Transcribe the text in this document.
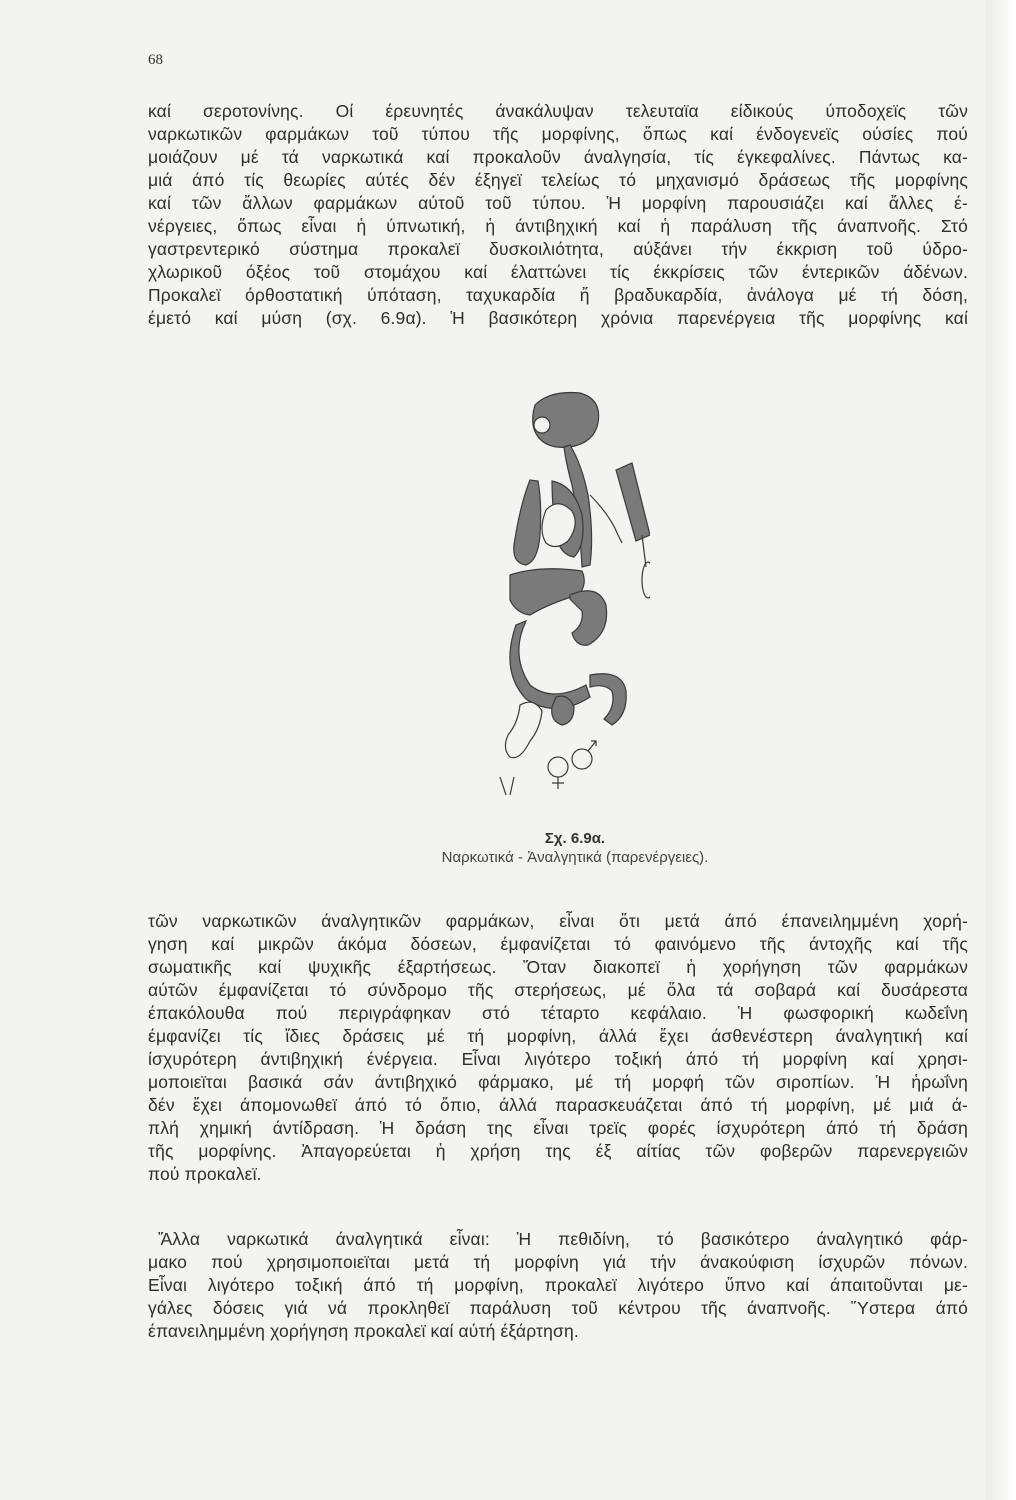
68
καί σεροτονίνης. Οί έρευνητές άνακάλυψαν τελευταϊα είδικούς ύποδοχεϊς τῶν
ναρκωτικῶν φαρμάκων τοῦ τύπου τῆς μορφίνης, ὅπως καί ένδογενεϊς ούσίες πού
μοιάζουν μέ τά ναρκωτικά καί προκαλοῦν άναλγησία, τίς έγκεφαλίνες. Πάντως κα-
μιά άπό τίς θεωρίες αύτές δέν έξηγεϊ τελείως τό μηχανισμό δράσεως τῆς μορφίνης
καί τῶν ἄλλων φαρμάκων αύτοῦ τοῦ τύπου. Ἡ μορφίνη παρουσιάζει καί ἄλλες έ-
νέργειες, ὅπως εἶναι ἡ ύπνωτική, ἡ άντιβηχική καί ἡ παράλυση τῆς άναπνοῆς. Στό
γαστρεντερικό σύστημα προκαλεϊ δυσκοιλιότητα, αύξάνει τήν έκκριση τοῦ ύδρο-
χλωρικοῦ όξέος τοῦ στομάχου καί έλαττώνει τίς έκκρίσεις τῶν έντερικῶν άδένων.
Προκαλεϊ όρθοστατική ύπόταση, ταχυκαρδία ἤ βραδυκαρδία, ἀνάλογα μέ τή δόση,
έμετό καί μύση (σχ. 6.9α). Ἡ βασικότερη χρόνια παρενέργεια τῆς μορφίνης καί
Σχ. 6.9α.
Ναρκωτικά - Ἀναλγητικά (παρενέργειες).
τῶν ναρκωτικῶν άναλγητικῶν φαρμάκων, εἶναι ὅτι μετά άπό έπανειλημμένη χορή-
γηση καί μικρῶν άκόμα δόσεων, έμφανίζεται τό φαινόμενο τῆς άντοχῆς καί τῆς
σωματικῆς καί ψυχικῆς έξαρτήσεως. Ὅταν διακοπεϊ ἡ χορήγηση τῶν φαρμάκων
αύτῶν έμφανίζεται τό σύνδρομο τῆς στερήσεως, μέ ὅλα τά σοβαρά καί δυσάρεστα
έπακόλουθα πού περιγράφηκαν στό τέταρτο κεφάλαιο. Ἡ φωσφορική κωδεΐνη
έμφανίζει τίς ἴδιες δράσεις μέ τή μορφίνη, άλλά ἔχει άσθενέστερη άναλγητική καί
ίσχυρότερη άντιβηχική ένέργεια. Εἶναι λιγότερο τοξική άπό τή μορφίνη καί χρησι-
μοποιεϊται βασικά σάν άντιβηχικό φάρμακο, μέ τή μορφή τῶν σιροπίων. Ἡ ἡρωΐνη
δέν ἔχει άπομονωθεϊ άπό τό ὄπιο, άλλά παρασκευάζεται άπό τή μορφίνη, μέ μιά ά-
πλή χημική άντίδραση. Ἡ δράση της εἶναι τρεϊς φορές ίσχυρότερη άπό τή δράση
τῆς μορφίνης. Ἀπαγορεύεται ἡ χρήση της έξ αίτίας τῶν φοβερῶν παρενεργειῶν
πού προκαλεϊ.
Ἄλλα ναρκωτικά άναλγητικά εἶναι: Ἡ πεθιδίνη, τό βασικότερο άναλγητικό φάρ-
μακο πού χρησιμοποιεϊται μετά τή μορφίνη γιά τήν άνακούφιση ίσχυρῶν πόνων.
Εἶναι λιγότερο τοξική άπό τή μορφίνη, προκαλεϊ λιγότερο ὕπνο καί άπαιτοῦνται με-
γάλες δόσεις γιά νά προκληθεϊ παράλυση τοῦ κέντρου τῆς άναπνοῆς. Ὕστερα άπό
έπανειλημμένη χορήγηση προκαλεϊ καί αύτή έξάρτηση.
